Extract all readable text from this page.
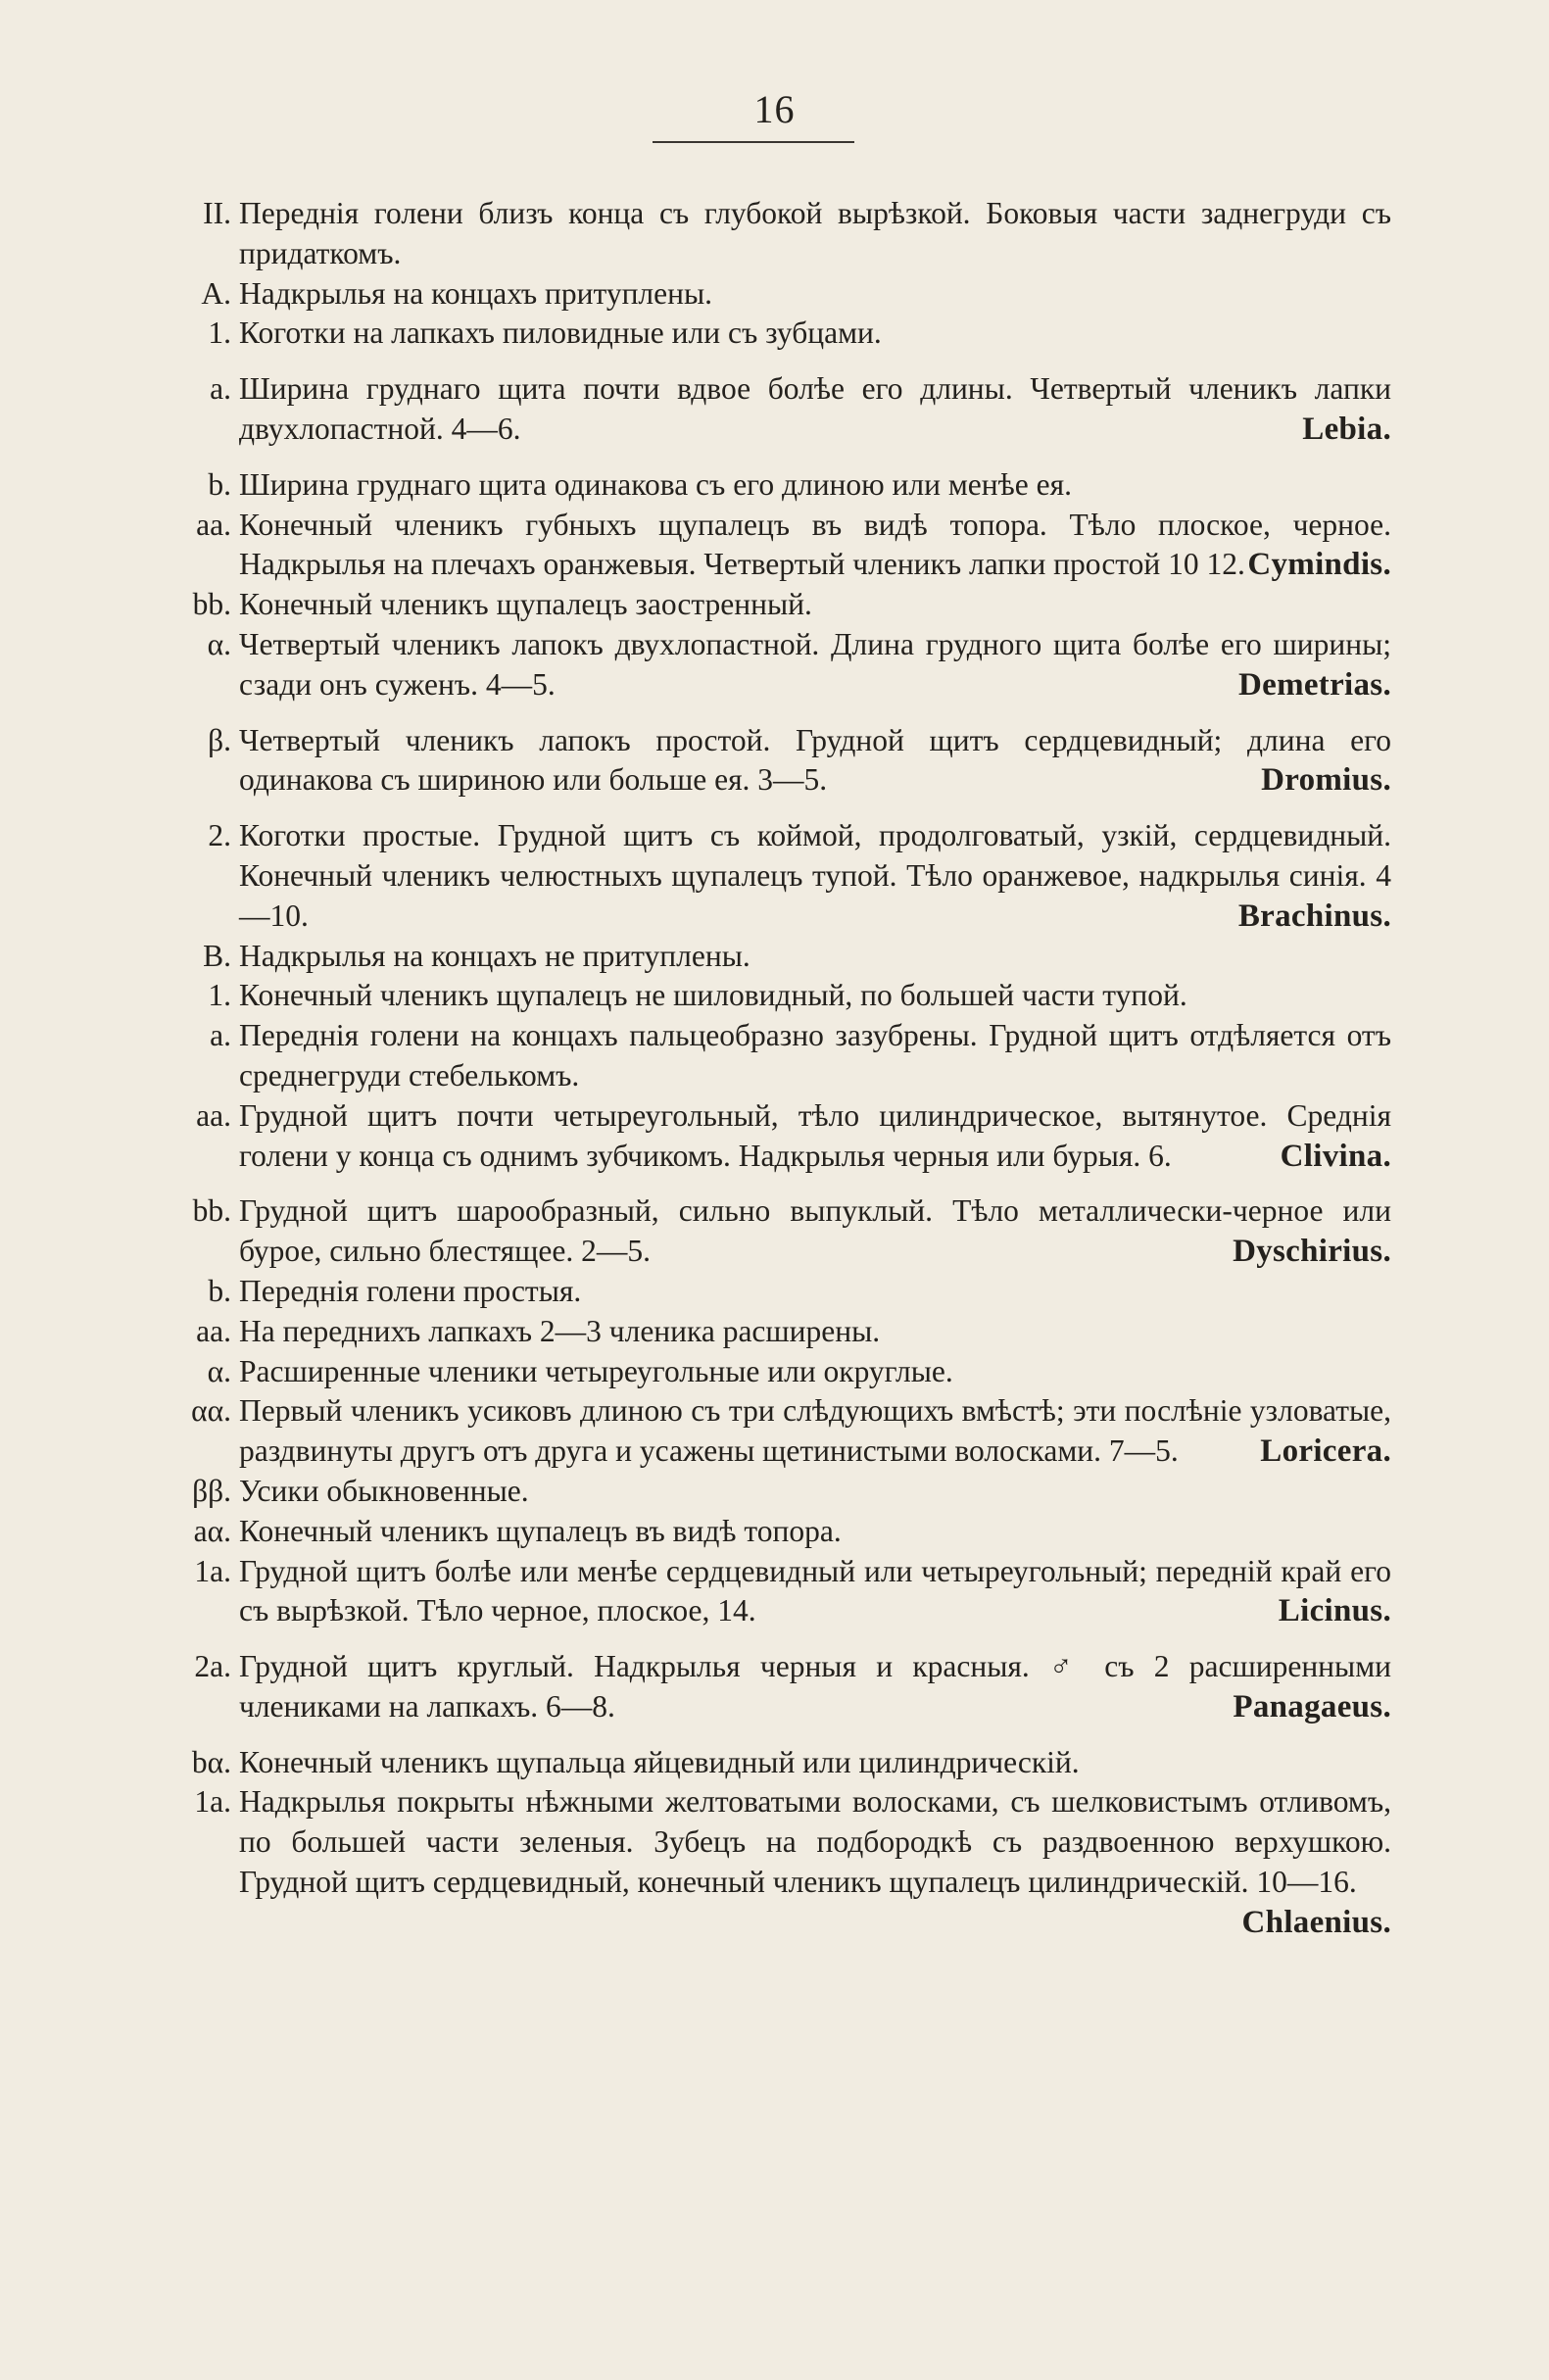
16
II. Переднія голени близъ конца съ глубокой вырѣзкой. Боковыя части заднегруди съ придаткомъ.
A. Надкрылья на концахъ притуплены.
1. Коготки на лапкахъ пиловидные или съ зубцами.
a. Ширина груднаго щита почти вдвое болѣе его длины. Четвертый членикъ лапки двухлопастной. 4—6.	Lebia.
b. Ширина груднаго щита одинакова съ его длиною или менѣе ея.
aa. Конечный членикъ губныхъ щупалецъ въ видѣ топора. Тѣло плоское, черное. Надкрылья на плечахъ оранжевыя. Четвертый членикъ лапки простой 10 12. Cymindis.
bb. Конечный членикъ щупалецъ заостренный.
α. Четвертый членикъ лапокъ двухлопастной. Длина грудного щита болѣе его ширины; сзади онъ суженъ. 4—5.	Demetrias.
β. Четвертый членикъ лапокъ простой. Грудной щитъ сердцевидный; длина его одинакова съ шириною или больше ея. 3—5.	Dromius.
2. Коготки простые. Грудной щитъ съ коймой, продолговатый, узкій, сердцевидный. Конечный членикъ челюстныхъ щупалецъ тупой. Тѣло оранжевое, надкрылья синія. 4—10.	Brachinus.
B. Надкрылья на концахъ не притуплены.
1. Конечный членикъ щупалецъ не шиловидный, по большей части тупой.
a. Переднія голени на концахъ пальцеобразно зазубрены. Грудной щитъ отдѣляется отъ среднегруди стебелькомъ.
aa. Грудной щитъ почти четыреугольный, тѣло цилиндрическое, вытянутое. Среднія голени у конца съ однимъ зубчикомъ. Надкрылья черныя или бурыя. 6.	Clivina.
bb. Грудной щитъ шарообразный, сильно выпуклый. Тѣло металлически-черное или бурое, сильно блестящее. 2—5.	Dyschirius.
b. Переднія голени простыя.
aa. На переднихъ лапкахъ 2—3 членика расширены.
α. Расширенные членики четыреугольные или округлые.
αα. Первый членикъ усиковъ длиною съ три слѣдующихъ вмѣстѣ; эти послѣніе узловатые, раздвинуты другъ отъ друга и усажены щетинистыми волосками. 7—5.	Loricera.
ββ. Усики обыкновенные.
aα. Конечный членикъ щупалецъ въ видѣ топора.
1a. Грудной щитъ болѣе или менѣе сердцевидный или четыреугольный; передній край его съ вырѣзкой. Тѣло черное, плоское, 14.	Licinus.
2a. Грудной щитъ круглый. Надкрылья черныя и красныя. ♂ съ 2 расширенными члениками на лапкахъ. 6—8.	Panagaeus.
bα. Конечный членикъ щупальца яйцевидный или цилиндрическій.
1a. Надкрылья покрыты нѣжными желтоватыми волосками, съ шелковистымъ отливомъ, по большей части зеленыя. Зубецъ на подбородкѣ съ раздвоенною верхушкою. Грудной щитъ сердцевидный, конечный членикъ щупалецъ цилиндрическій. 10—16.
Chlaenius.
